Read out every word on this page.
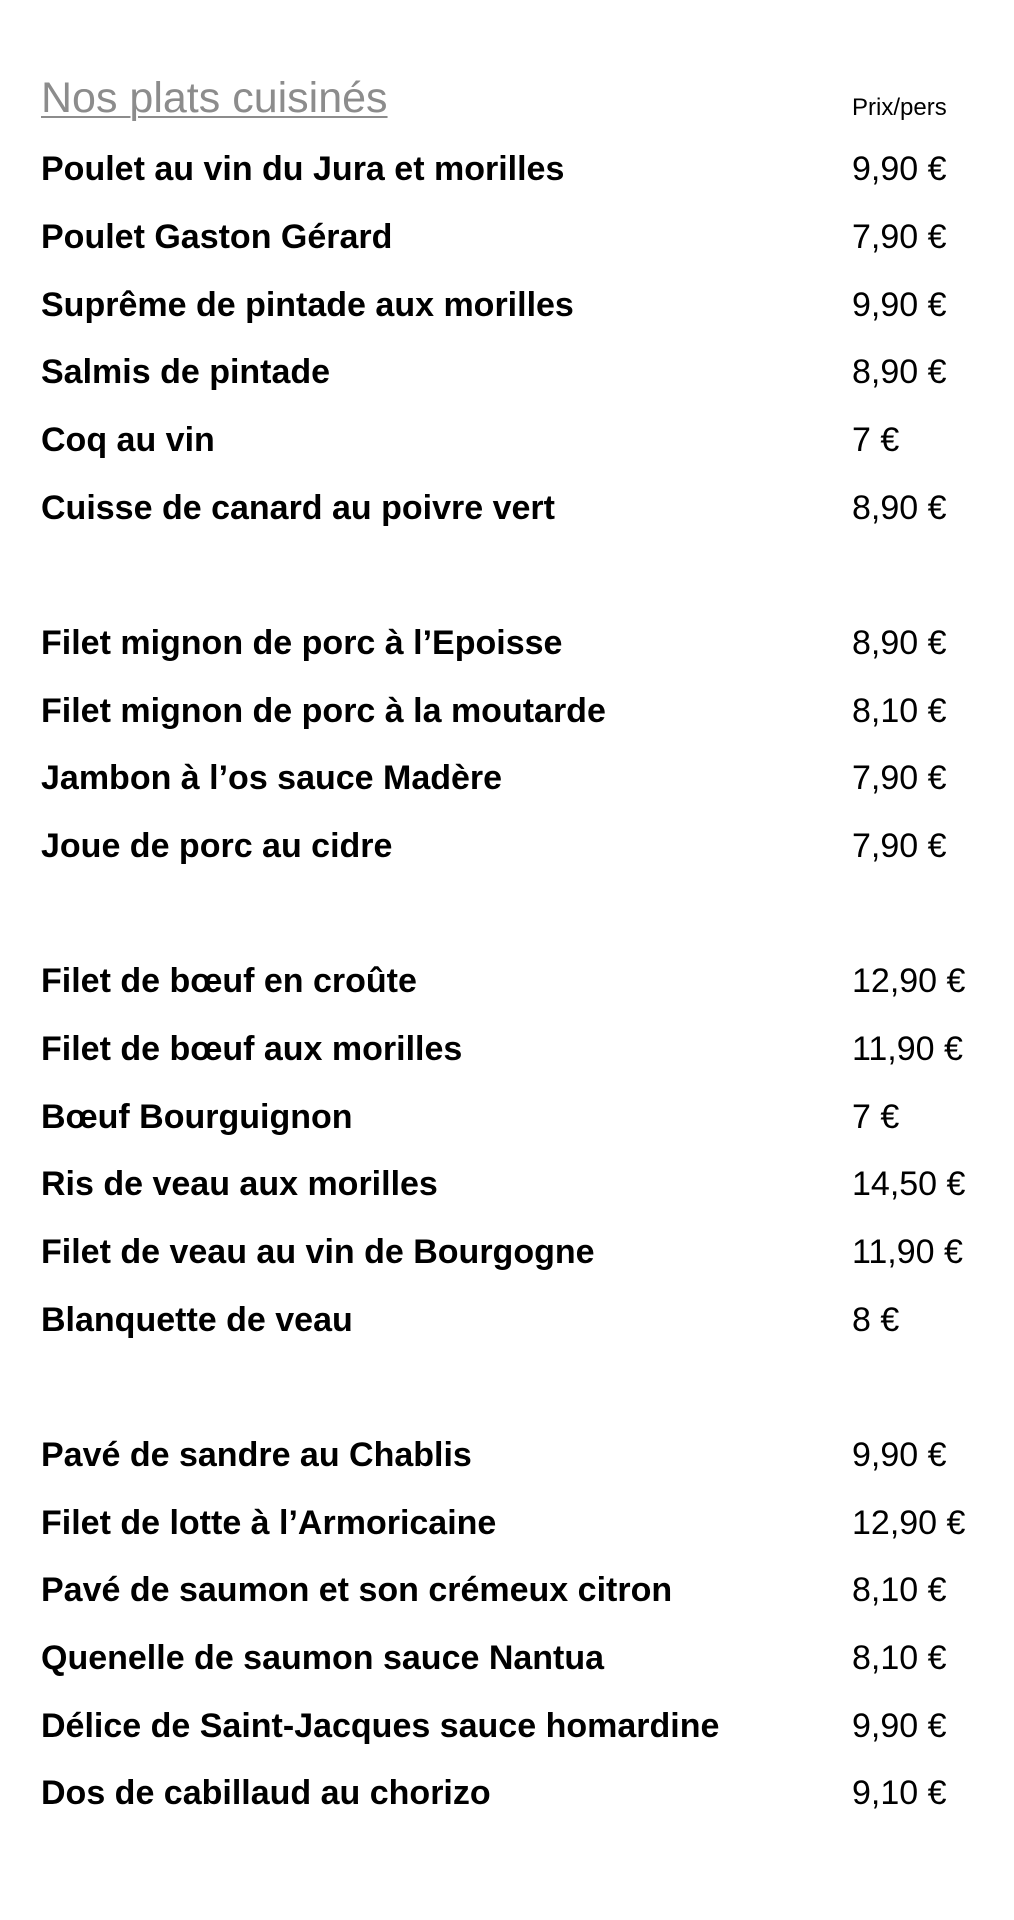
Nos plats cuisinés	Prix/pers
Poulet au vin du Jura et morilles	9,90 €
Poulet Gaston Gérard	7,90 €
Suprême de pintade aux morilles	9,90 €
Salmis de pintade	8,90 €
Coq au vin	7 €
Cuisse de canard au poivre vert	8,90 €
Filet mignon de porc à l’Epoisse	8,90 €
Filet mignon de porc à la moutarde	8,10 €
Jambon à l’os sauce Madère	7,90 €
Joue de porc au cidre	7,90 €
Filet de bœuf en croûte	12,90 €
Filet de bœuf aux morilles	11,90 €
Bœuf Bourguignon	7 €
Ris de veau aux morilles	14,50 €
Filet de veau au vin de Bourgogne	11,90 €
Blanquette de veau	8 €
Pavé de sandre au Chablis	9,90 €
Filet de lotte à l’Armoricaine	12,90 €
Pavé de saumon et son crémeux citron	8,10 €
Quenelle de saumon sauce Nantua	8,10 €
Délice de Saint-Jacques sauce homardine	9,90 €
Dos de cabillaud au chorizo	9,10 €
